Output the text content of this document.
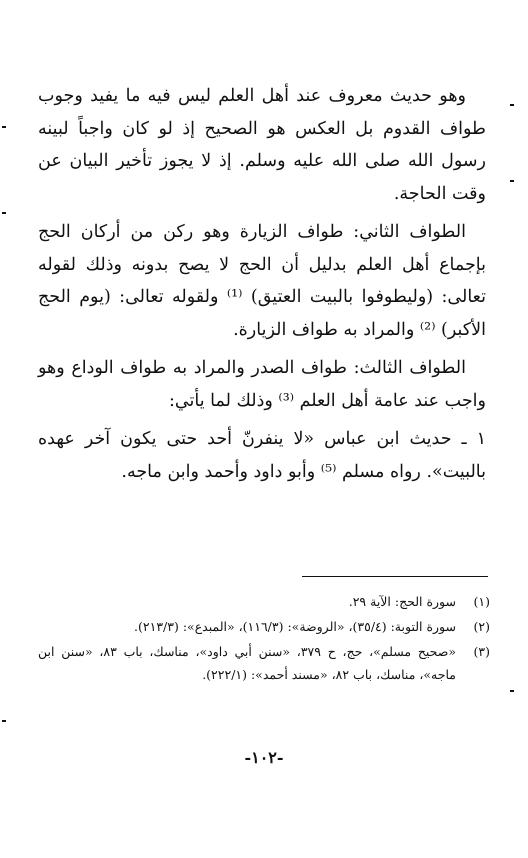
وهو حديث معروف عند أهل العلم ليس فيه ما يفيد وجوب طواف القدوم بل العكس هو الصحيح إذ لو كان واجباً لبينه رسول الله صلى الله عليه وسلم. إذ لا يجوز تأخير البيان عن وقت الحاجة.

الطواف الثاني: طواف الزيارة وهو ركن من أركان الحج بإجماع أهل العلم بدليل أن الحج لا يصح بدونه وذلك لقوله تعالى: (وليطوفوا بالبيت العتيق) ⁽¹⁾ ولقوله تعالى: (يوم الحج الأكبر) ⁽²⁾ والمراد به طواف الزيارة.

الطواف الثالث: طواف الصدر والمراد به طواف الوداع وهو واجب عند عامة أهل العلم ⁽³⁾ وذلك لما يأتي:

١ ـ حديث ابن عباس «لا ينفرنّ أحد حتى يكون آخر عهده بالبيت». رواه مسلم ⁽⁵⁾ وأبو داود وأحمد وابن ماجه.

(١)
سورة الحج: الآية ٢٩.
(٢)
سورة التوبة: (٣٥/٤)، «الروضة»: (١١٦/٣)، «المبدع»: (٢١٣/٣).
(٣)
«صحيح مسلم»، حج، ح ٣٧٩، «سنن أبي داود»، مناسك، باب ٨٣، «سنن ابن ماجه»، مناسك، باب ٨٢، «مسند أحمد»: (٢٢٢/١).
-١٠٢-
